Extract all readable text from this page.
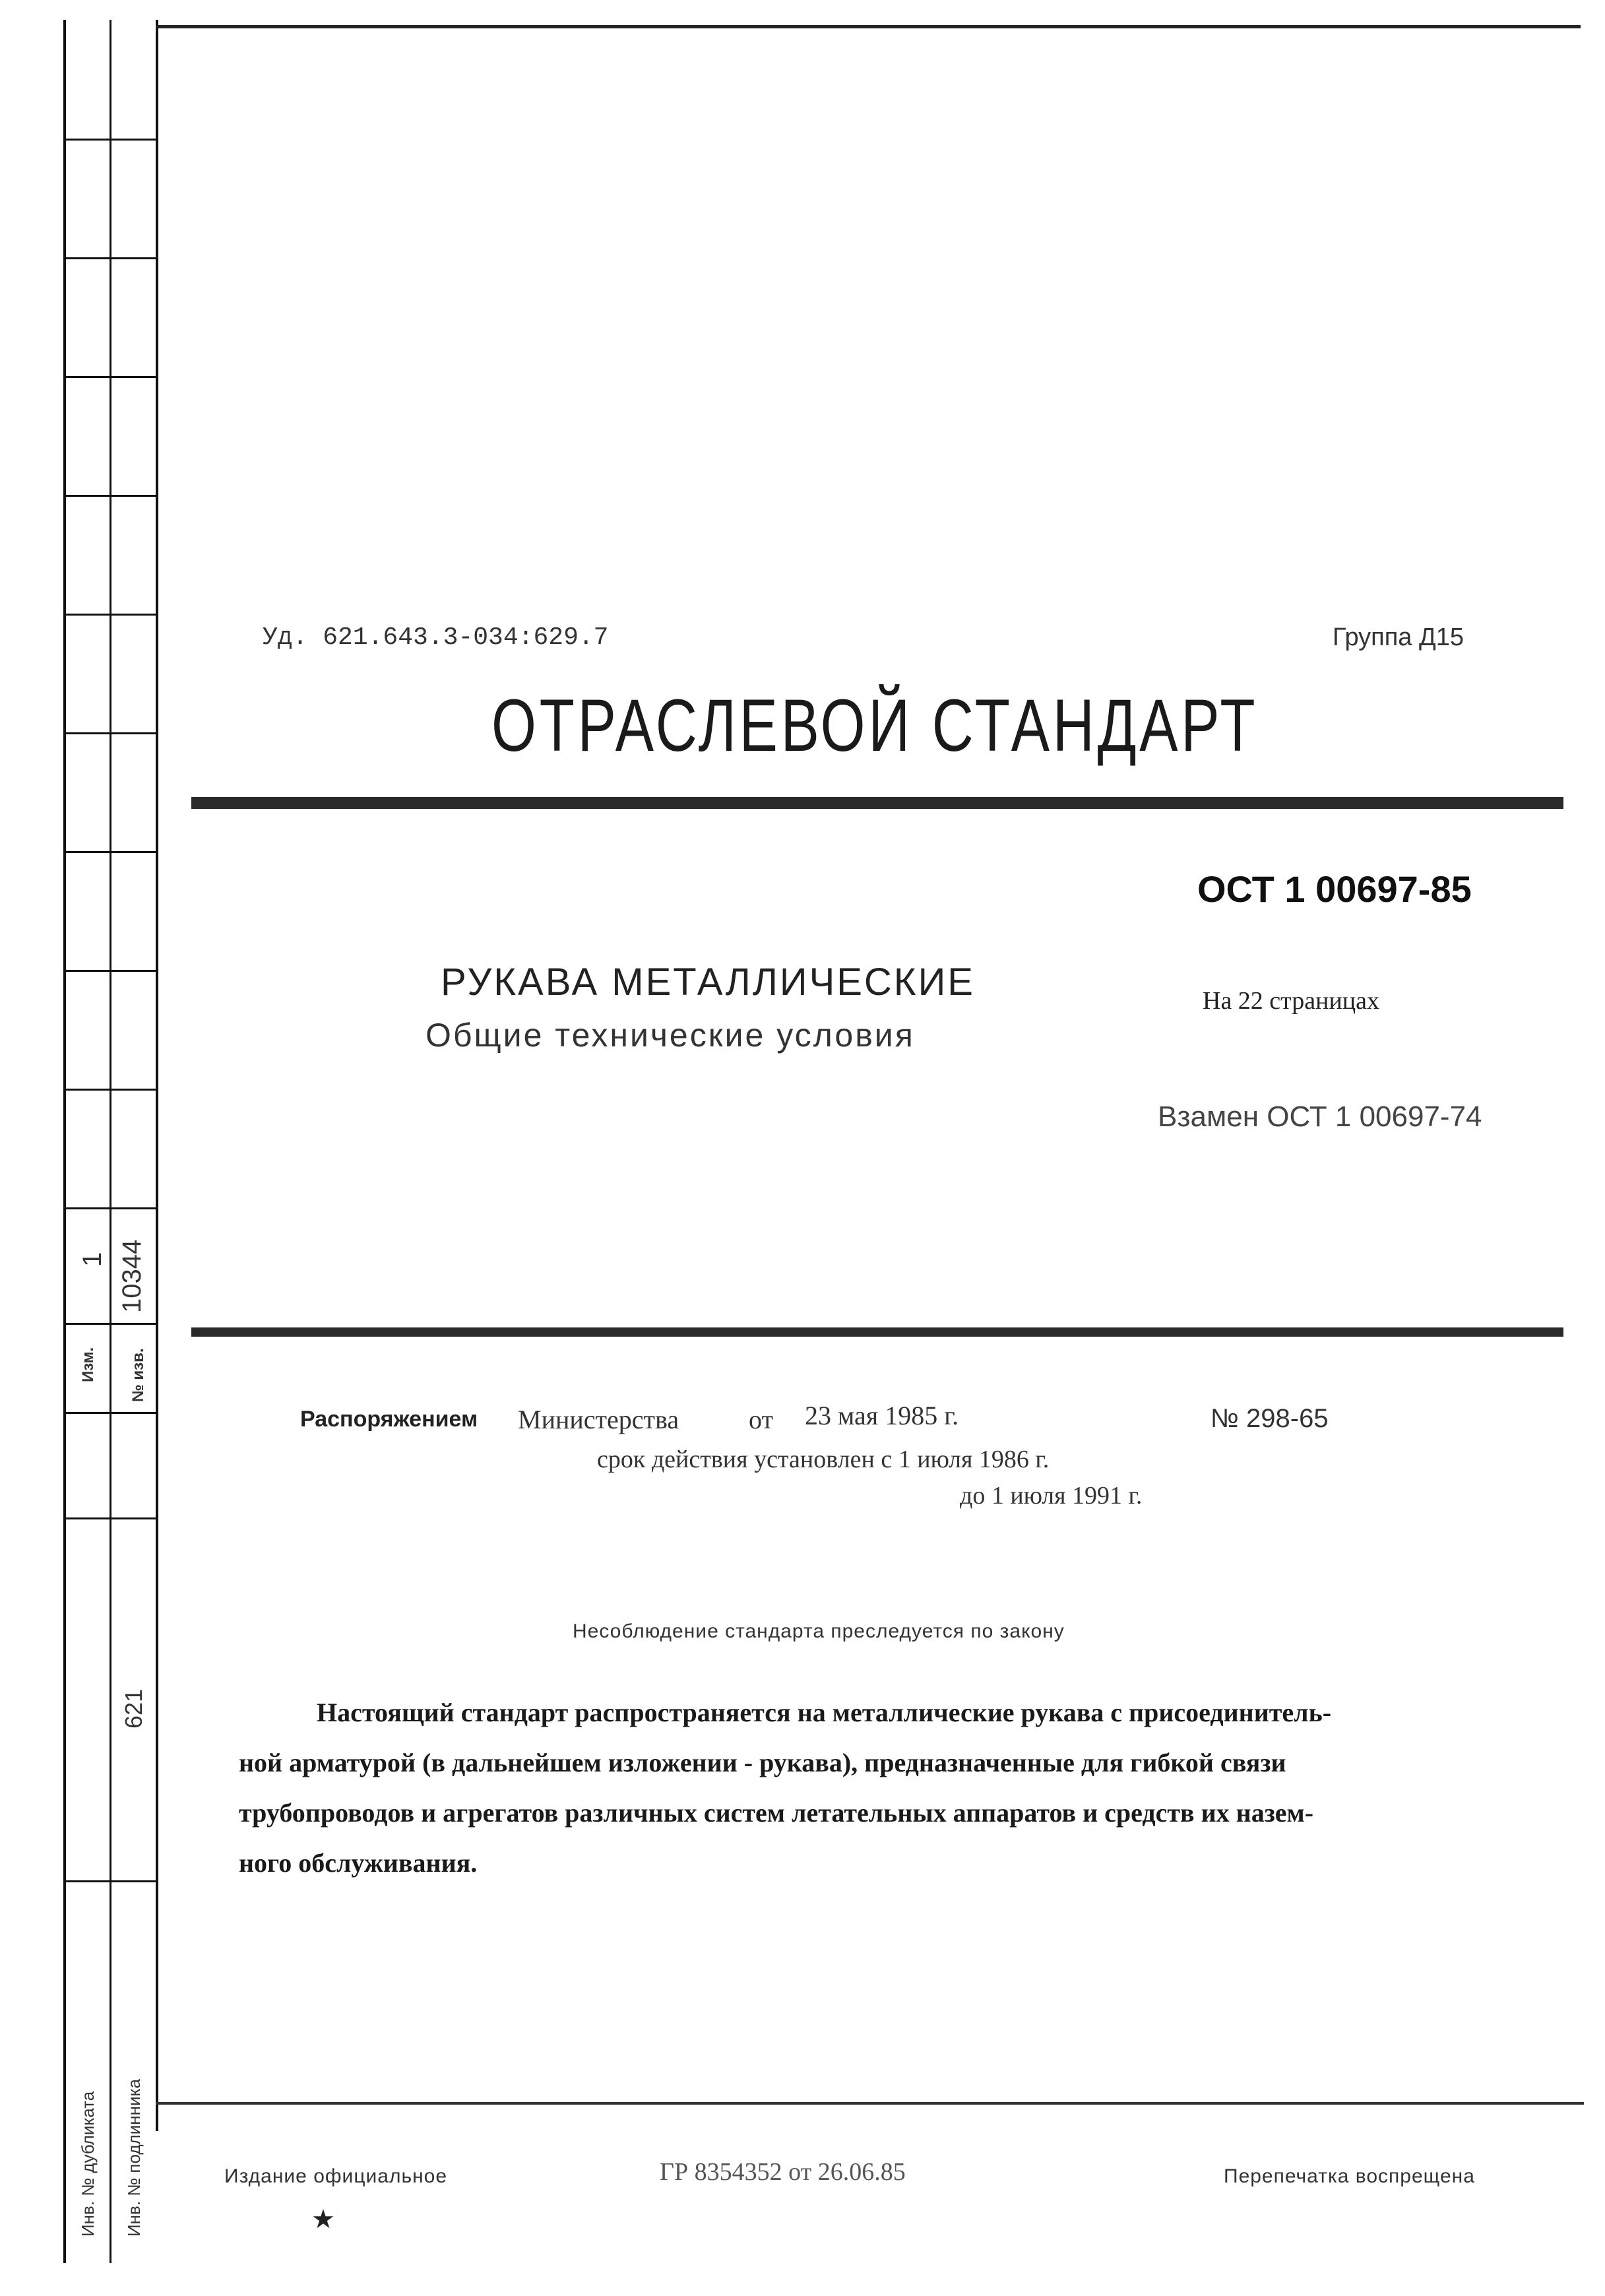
1 10344
Изм. № изв.
621
Инв. № дубликата Инв. № подлинника
Уд. 621.643.3-034:629.7	Группа Д15
ОТРАСЛЕВОЙ СТАНДАРТ
ОСТ 1 00697-85
На 22 страницах
Взамен ОСТ 1 00697-74
РУКАВА МЕТАЛЛИЧЕСКИЕ
Общие технические условия
Распоряжением Министерства	от 23 мая 1985 г.	№ 298-65
срок действия установлен с 1 июля 1986 г.
до 1 июля 1991 г.
Несоблюдение стандарта преследуется по закону
Настоящий стандарт распространяется на металлические рукава с присоединитель-
ной арматурой (в дальнейшем изложении - рукава), предназначенные для гибкой связи
трубопроводов и агрегатов различных систем летательных аппаратов и средств их назем-
ного обслуживания.
Издание официальное	ГР 8354352 от 26.06.85	Перепечатка воспрещена
★
